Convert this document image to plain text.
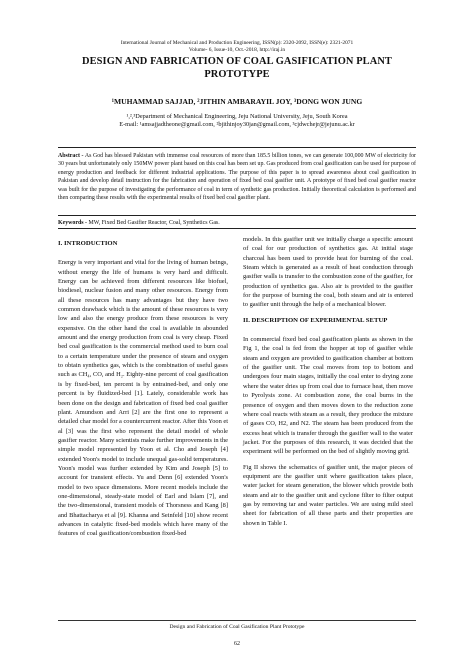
International Journal of Mechanical and Production Engineering, ISSN(p): 2320-2092, ISSN(e): 2321-2071
Volume- 6, Issue-10, Oct.-2018, http://iraj.in
DESIGN AND FABRICATION OF COAL GASIFICATION PLANT PROTOTYPE
¹MUHAMMAD SAJJAD, ²JITHIN AMBARAYIL JOY, ³DONG WON JUNG
¹,²,³Department of Mechanical Engineering, Jeju National University, Jeju, South Korea
E-mail: ¹amsajjadtheone@gmail.com, ²bjithinjoy30jan@gmail.com, ³cjdwchejr@jejunu.ac.kr
Abstract - As God has blessed Pakistan with immense coal resources of more than 185.5 billion tones, we can generate 100,000 MW of electricity for 30 years but unfortunately only 150MW power plant based on this coal has been set up. Gas produced from coal gasification can be used for purpose of energy production and feedback for different industrial applications. The purpose of this paper is to spread awareness about coal gasification in Pakistan and develop detail instruction for the fabrication and operation of fixed bed coal gasifier unit. A prototype of fixed bed coal gasifier reactor was built for the purpose of investigating the performance of coal in term of synthetic gas production. Initially theoretical calculation is performed and then comparing these results with the experimental results of fixed bed coal gasifier plant.
Keywords - MW, Fixed Bed Gasifier Reactor, Coal, Synthetics Gas.
I. INTRODUCTION

Energy is very important and vital for the living of human beings, without energy the life of humans is very hard and difficult. Energy can be achieved from different resources like biofuel, biodiesel, nuclear fusion and many other resources. Energy from all these resources has many advantages but they have two common drawback which is the amount of these resources is very low and also the energy produce from these resources is very expensive. On the other hand the coal is available in abounded amount and the energy production from coal is very cheap. Fixed bed coal gasification is the commercial method used to burn coal to a certain temperature under the presence of steam and oxygen to obtain synthetics gas, which is the combination of useful gases such as CH₄, CO, and H₂. Eighty-nine percent of coal gasification is by fixed-bed, ten percent is by entrained-bed, and only one percent is by fluidized-bed [1]. Lately, considerable work has been done on the design and fabrication of fixed bed coal gasifier plant. Amundson and Arri [2] are the first one to represent a detailed char model for a countercurrent reactor. After this Yoon et al [3] was the first who represent the detail model of whole gasifier reactor. Many scientists make further improvements in the simple model represented by Yoon et al. Cho and Joseph [4] extended Yoon's model to include unequal gas-solid temperatures. Yoon's model was further extended by Kim and Joseph [5] to account for transient effects. Yu and Denn [6] extended Yoon's model to two space dimensions. More recent models include the one-dimensional, steady-state model of Earl and Islam [7], and the two-dimensional, transient models of Thorsness and Kang [8] and Bhattacharya et al [9]. Khanna and Seinfeld [10] show recent advances in catalytic fixed-bed models which have many of the features of coal gasification/combustion fixed-bed

models. In this gasifier unit we initially charge a specific amount of coal for our production of synthetics gas. At initial stage charcoal has been used to provide heat for burning of the coal. Steam which is generated as a result of heat conduction through gasifier walls is transfer to the combustion zone of the gasifier, for production of synthetics gas. Also air is provided to the gasifier for the purpose of burning the coal, both steam and air is entered to gasifier unit through the help of a mechanical blower.

II. DESCRIPTION OF EXPERIMENTAL SETUP

In commercial fixed bed coal gasification plants as shown in the Fig 1, the coal is fed from the hopper at top of gasifier while steam and oxygen are provided to gasification chamber at bottom of the gasifier unit. The coal moves from top to bottom and undergoes four main stages, initially the coal enter to drying zone where the water dries up from coal due to furnace heat, then move to Pyrolysis zone. At combustion zone, the coal burns in the presence of oxygen and then moves down to the reduction zone where coal reacts with steam as a result, they produce the mixture of gases CO, H2, and N2. The steam has been produced from the excess heat which is transfer through the gasifier wall to the water jacket. For the purposes of this research, it was decided that the experiment will be performed on the bed of slightly moving grid.

Fig II shows the schematics of gasifier unit, the major pieces of equipment are the gasifier unit where gasification takes place, water jacket for steam generation, the blower which provide both steam and air to the gasifier unit and cyclone filter to filter output gas by removing tar and water particles. We are using mild steel sheet for fabrication of all these parts and their properties are shown in Table I.

Design and Fabrication of Coal Gasification Plant Prototype
62
